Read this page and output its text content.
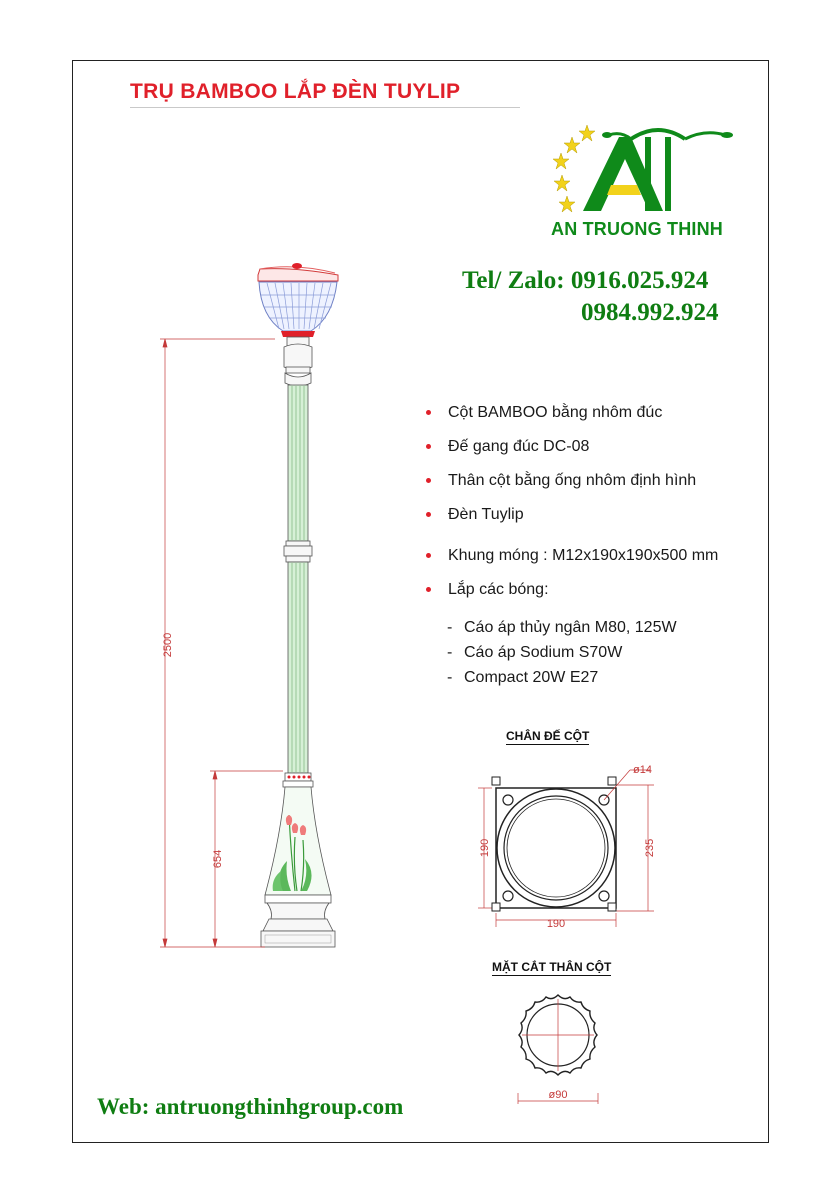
TRỤ BAMBOO LẮP ĐÈN TUYLIP
AN TRUONG THINH
Tel/ Zalo: 0916.025.924
0984.992.924
2500
654
Cột BAMBOO bằng nhôm đúc
Đế gang đúc DC-08
Thân cột bằng ống nhôm định hình
Đèn Tuylip
Khung móng : M12x190x190x500 mm
Lắp các bóng:
- Cáo áp thủy ngân M80, 125W
- Cáo áp Sodium S70W
- Compact 20W E27
CHÂN ĐẾ CỘT
ø14
190
190	235
MẶT CẮT THÂN CỘT
ø90
Web: antruongthinhgroup.com
